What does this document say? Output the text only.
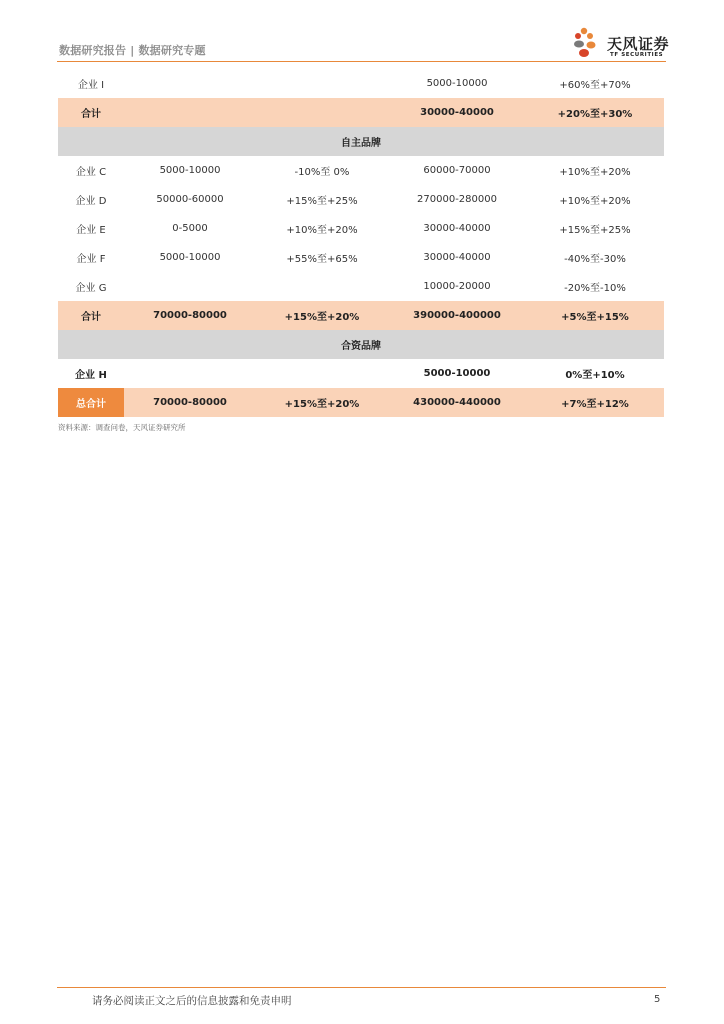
数据研究报告 | 数据研究专题	天风证券
TF SECURITIES
企业 I			5000-10000	+60%至+70%
合计			30000-40000	+20%至+30%
自主品牌				
企业 C	5000-10000	-10%至 0%	60000-70000	+10%至+20%
企业 D	50000-60000	+15%至+25%	270000-280000	+10%至+20%
企业 E	0-5000	+10%至+20%	30000-40000	+15%至+25%
企业 F	5000-10000	+55%至+65%	30000-40000	-40%至-30%
企业 G			10000-20000	-20%至-10%
合计	70000-80000	+15%至+20%	390000-400000	+5%至+15%
合资品牌				
企业 H			5000-10000	0%至+10%
总合计	70000-80000	+15%至+20%	430000-440000	+7%至+12%
资料来源：调查问卷，天风证券研究所
请务必阅读正文之后的信息披露和免责申明	5
